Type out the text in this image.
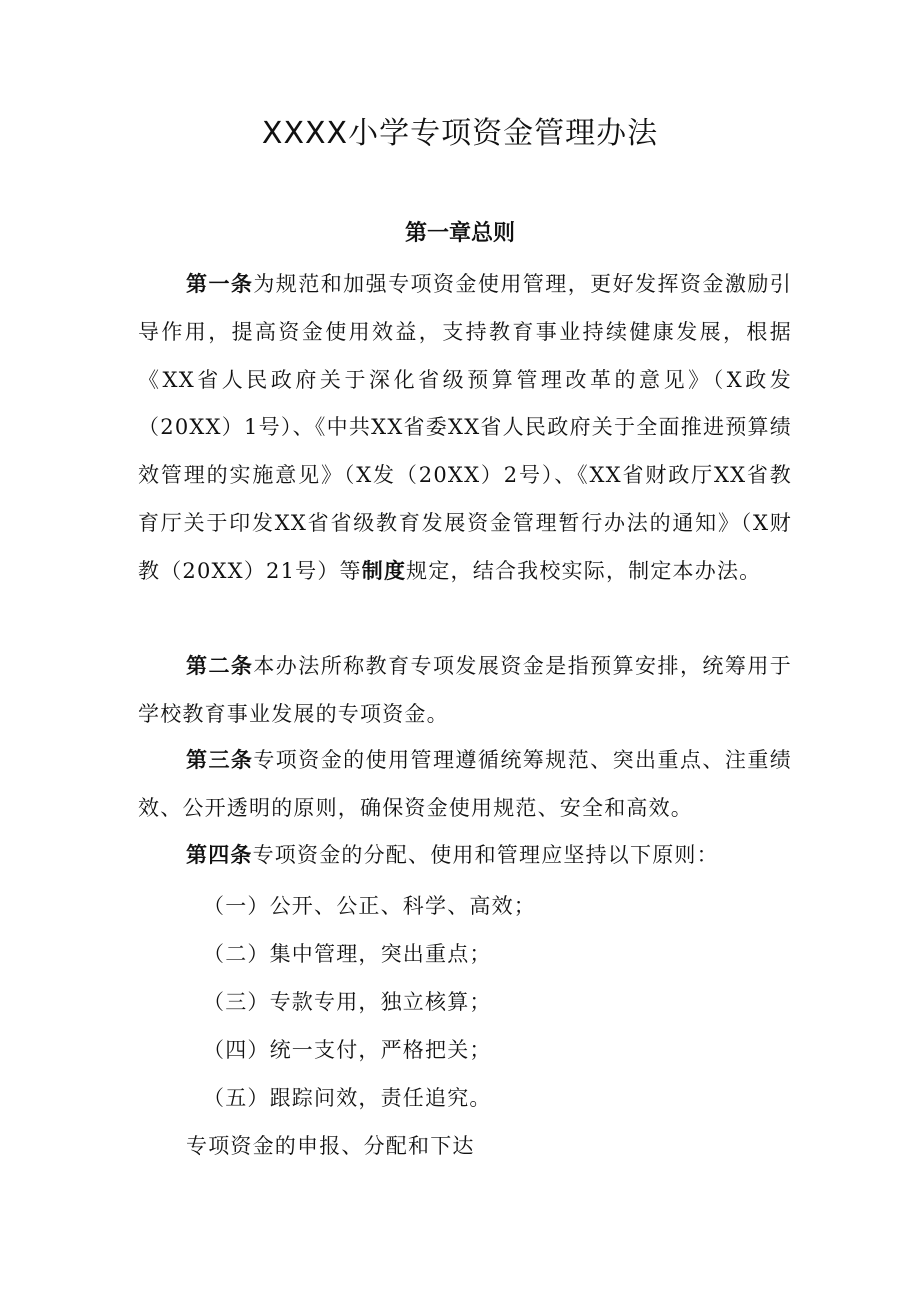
XXXX小学专项资金管理办法
第一章总则

第一条为规范和加强专项资金使用管理，更好发挥资金激励引导作用，提高资金使用效益，支持教育事业持续健康发展，根据《XX省人民政府关于深化省级预算管理改革的意见》（X政发（20XX）1号）、《中共XX省委XX省人民政府关于全面推进预算绩效管理的实施意见》（X发（20XX）2号）、《XX省财政厅XX省教育厅关于印发XX省省级教育发展资金管理暂行办法的通知》（X财教（20XX）21号）等制度规定，结合我校实际，制定本办法。

第二条本办法所称教育专项发展资金是指预算安排，统筹用于学校教育事业发展的专项资金。

第三条专项资金的使用管理遵循统筹规范、突出重点、注重绩效、公开透明的原则，确保资金使用规范、安全和高效。

第四条专项资金的分配、使用和管理应坚持以下原则：

（一）公开、公正、科学、高效；

（二）集中管理，突出重点；

（三）专款专用，独立核算；

（四）统一支付，严格把关；

（五）跟踪问效，责任追究。

专项资金的申报、分配和下达
